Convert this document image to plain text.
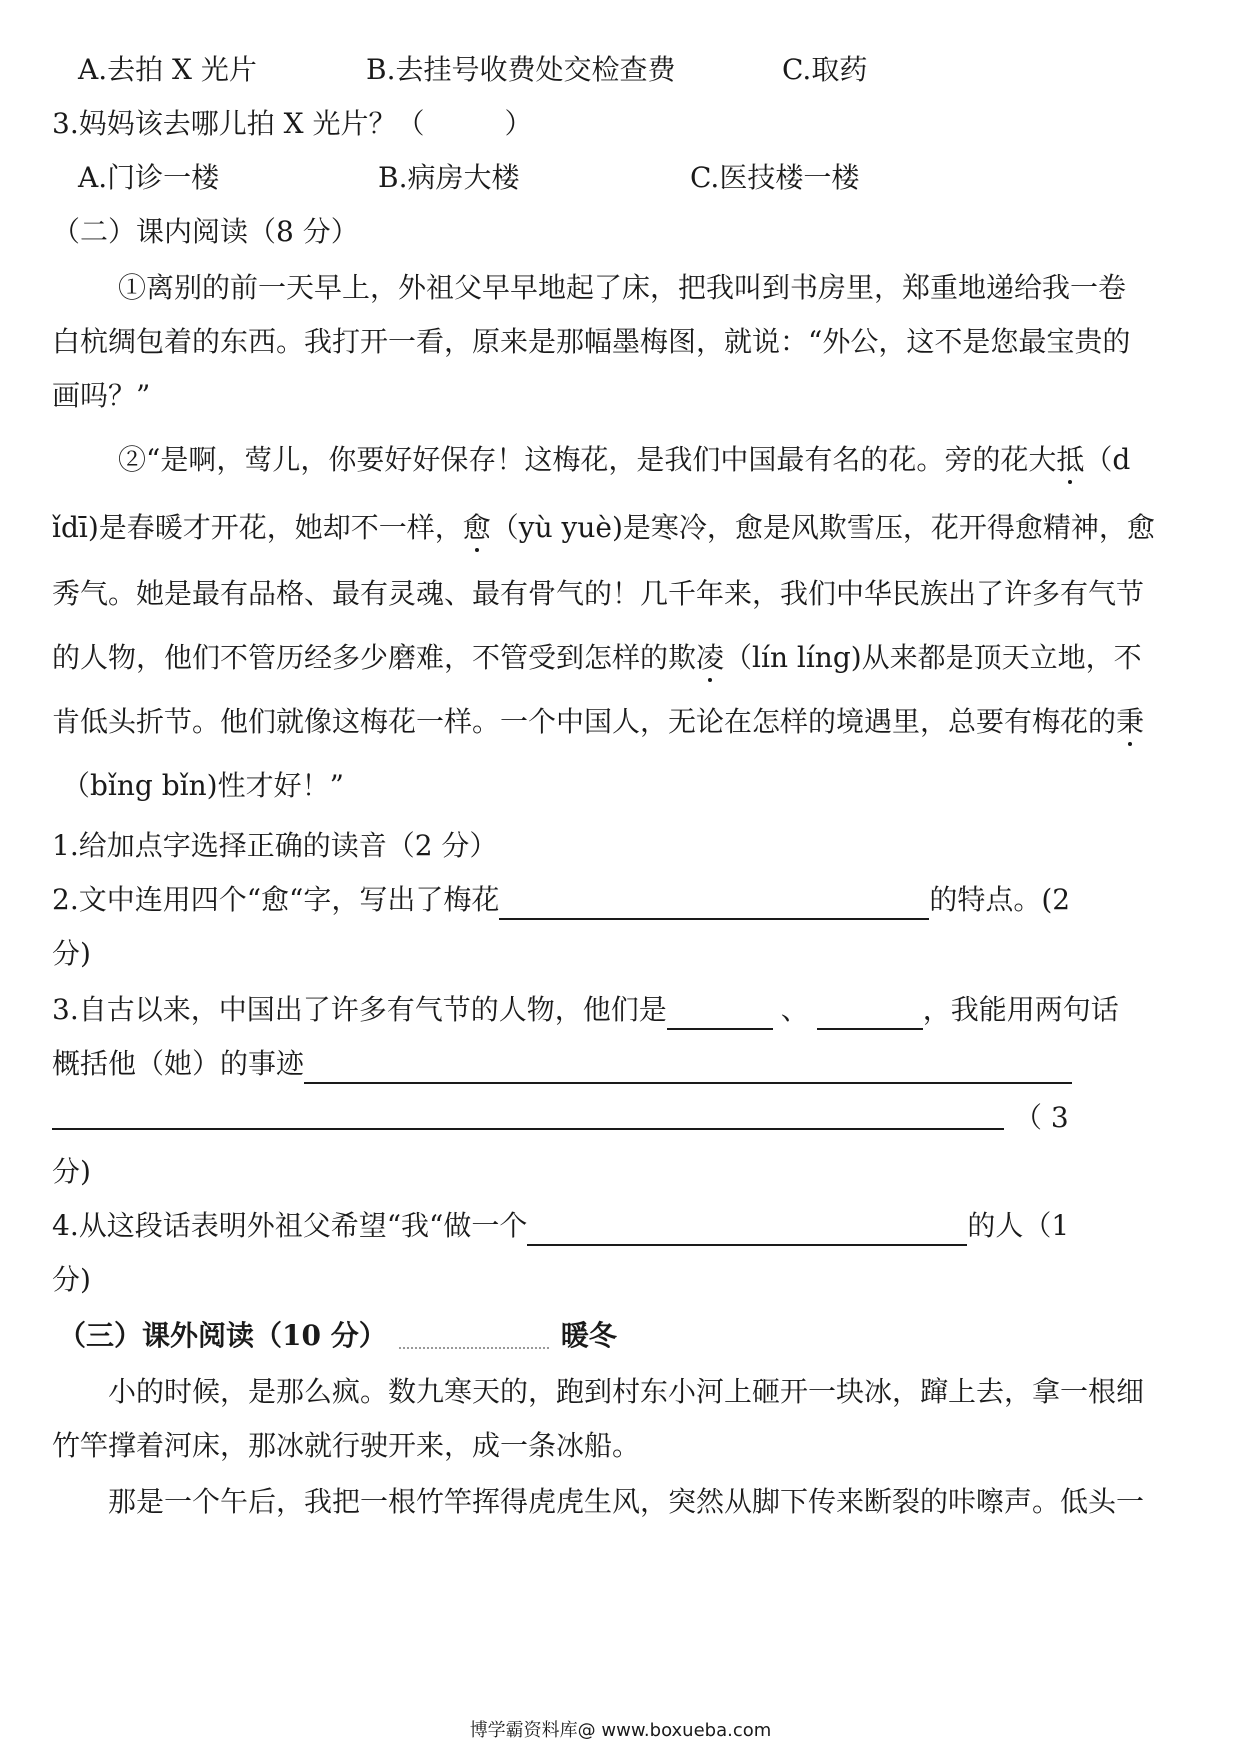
A.去拍 X 光片	B.去挂号收费处交检查费	C.取药
3.妈妈该去哪儿拍 X 光片？（	）
A.门诊一楼	B.病房大楼	C.医技楼一楼
（二）课内阅读（8 分）
①离别的前一天早上，外祖父早早地起了床，把我叫到书房里，郑重地递给我一卷
白杭绸包着的东西。我打开一看，原来是那幅墨梅图，就说：“外公，这不是您最宝贵的
画吗？”
②“是啊，莺儿，你要好好保存！这梅花，是我们中国最有名的花。旁的花大抵（d
ǐdī)是春暖才开花，她却不一样，愈（yù yuè)是寒冷，愈是风欺雪压，花开得愈精神，愈
秀气。她是最有品格、最有灵魂、最有骨气的！几千年来，我们中华民族出了许多有气节
的人物，他们不管历经多少磨难，不管受到怎样的欺凌（lín líng)从来都是顶天立地，不
肯低头折节。他们就像这梅花一样。一个中国人，无论在怎样的境遇里，总要有梅花的秉
（bǐng bǐn)性才好！”
1.给加点字选择正确的读音（2 分）
2.文中连用四个“愈“字，写出了梅花	的特点。(2
分)
3.自古以来，中国出了许多有气节的人物，他们是	、	，我能用两句话
概括他（她）的事迹
（ 3
分)
4.从这段话表明外祖父希望“我“做一个	的人（1
分)
（三）课外阅读（10 分）	暖冬
小的时候，是那么疯。数九寒天的，跑到村东小河上砸开一块冰，蹿上去，拿一根细
竹竿撑着河床，那冰就行驶开来，成一条冰船。
那是一个午后，我把一根竹竿挥得虎虎生风，突然从脚下传来断裂的咔嚓声。低头一
博学霸资料库@ www.boxueba.com
